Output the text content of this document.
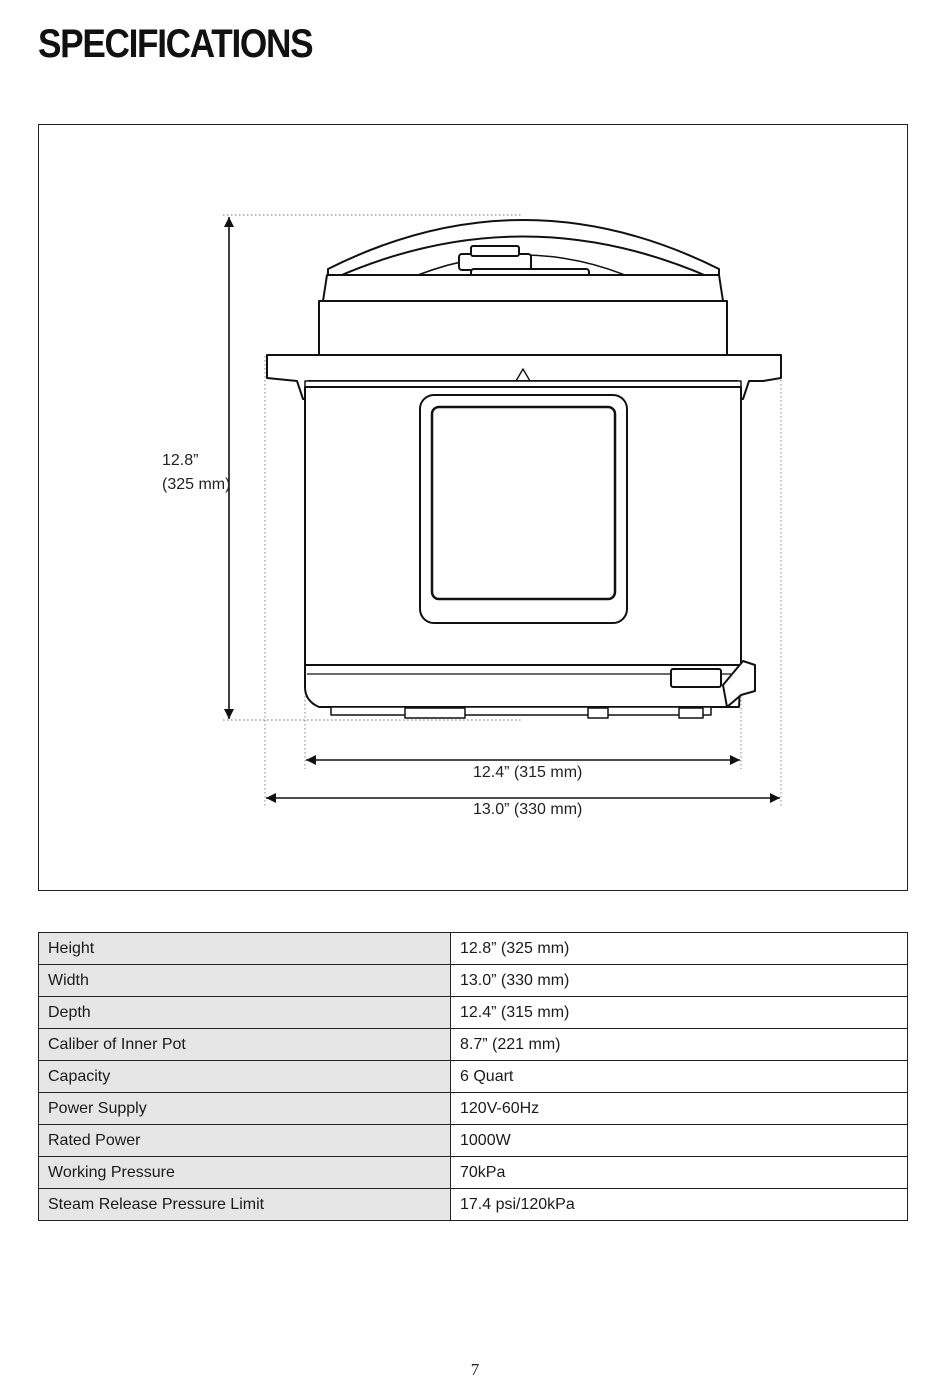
SPECIFICATIONS
12.8”
(325 mm)
12.4” (315 mm)
13.0” (330 mm)
Height	12.8” (325 mm)
Width	13.0” (330 mm)
Depth	12.4” (315 mm)
Caliber of Inner Pot	8.7” (221 mm)
Capacity	6 Quart
Power Supply	120V-60Hz
Rated Power	1000W
Working Pressure	70kPa
Steam Release Pressure Limit	17.4 psi/120kPa
7
